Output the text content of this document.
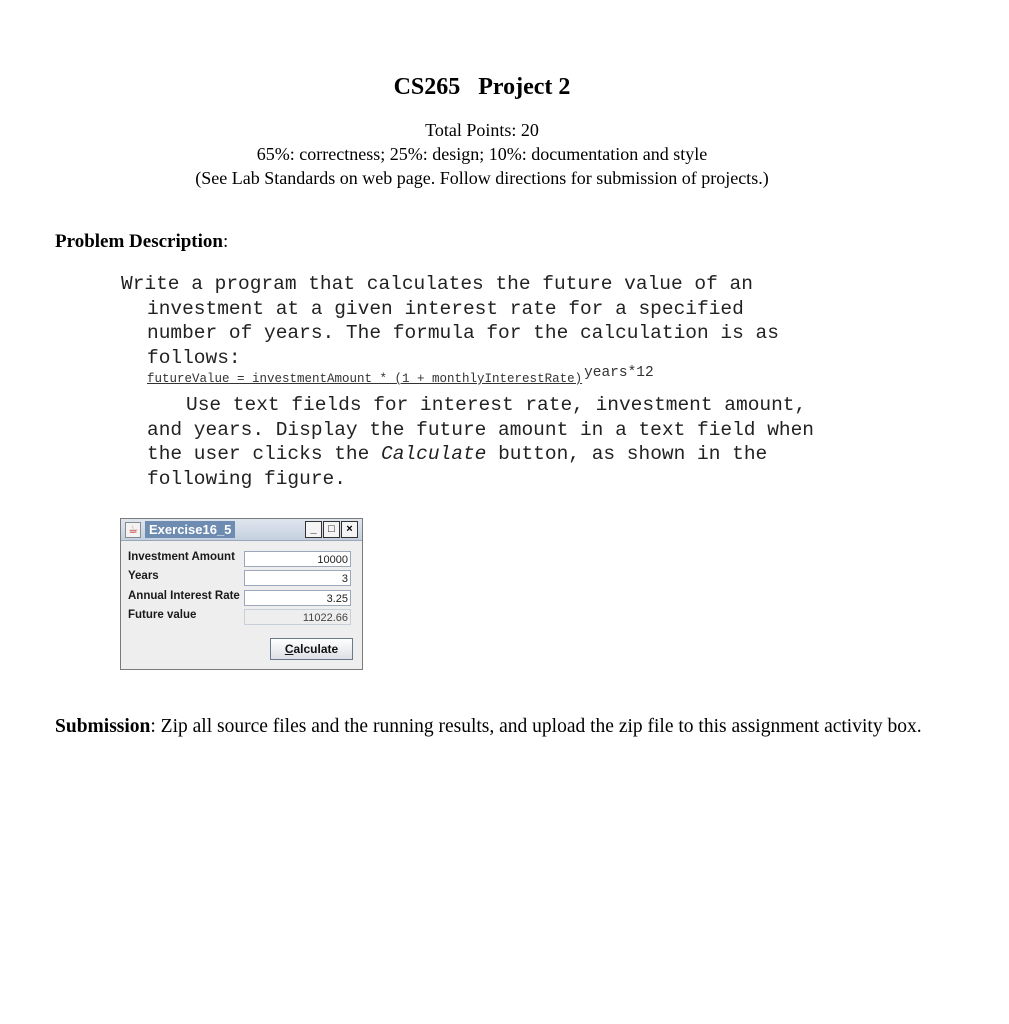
CS265 Project 2
Total Points: 20
65%: correctness; 25%: design; 10%: documentation and style
(See Lab Standards on web page. Follow directions for submission of projects.)
Problem Description:
Write a program that calculates the future value of an
investment at a given interest rate for a specified
number of years. The formula for the calculation is as
follows:
futureValue = investmentAmount * (1 + monthlyInterestRate) years*12
Use text fields for interest rate, investment amount,
and years. Display the future amount in a text field when
the user clicks the Calculate button, as shown in the
following figure.
☕ Exercise16_5	_	□	×
Investment Amount	10000
Years	3
Annual Interest Rate	3.25
Future value	11022.66
Calculate
Submission: Zip all source files and the running results, and upload the zip file to this assignment activity box.
